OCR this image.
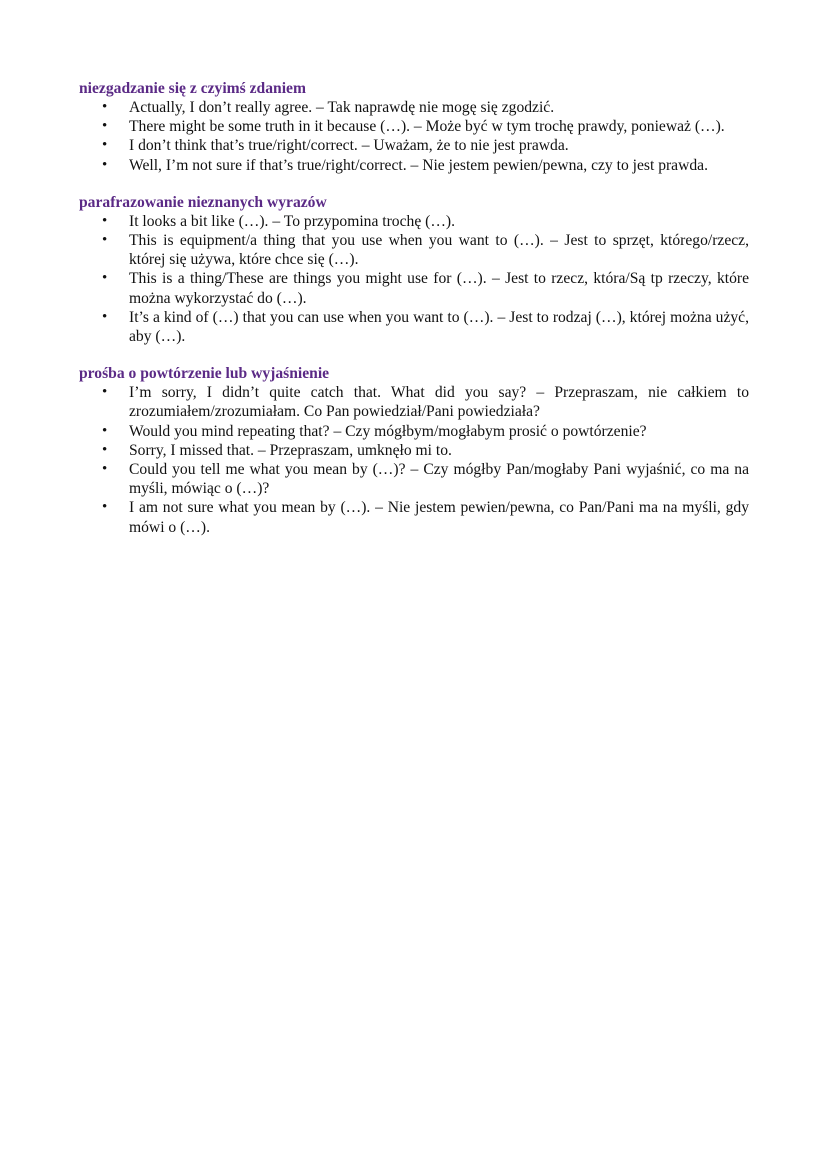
niezgadzanie się z czyimś zdaniem

• Actually, I don’t really agree. – Tak naprawdę nie mogę się zgodzić.
• There might be some truth in it because (…). – Może być w tym trochę prawdy, ponieważ (…).
• I don’t think that’s true/right/correct. – Uważam, że to nie jest prawda.
• Well, I’m not sure if that’s true/right/correct. – Nie jestem pewien/pewna, czy to jest prawda.

parafrazowanie nieznanych wyrazów

• It looks a bit like (…). – To przypomina trochę (…).
• This is equipment/a thing that you use when you want to (…). – Jest to sprzęt, którego/rzecz, której się używa, które chce się (…).
• This is a thing/These are things you might use for (…). – Jest to rzecz, która/Są tp rzeczy, które można wykorzystać do (…).
• It’s a kind of (…) that you can use when you want to (…). – Jest to rodzaj (…), której można użyć, aby (…).

prośba o powtórzenie lub wyjaśnienie

• I’m sorry, I didn’t quite catch that. What did you say? – Przepraszam, nie całkiem to zrozumiałem/zrozumiałam. Co Pan powiedział/Pani powiedziała?
• Would you mind repeating that? – Czy mógłbym/mogłabym prosić o powtórzenie?
• Sorry, I missed that. – Przepraszam, umknęło mi to.
• Could you tell me what you mean by (…)? – Czy mógłby Pan/mogłaby Pani wyjaśnić, co ma na myśli, mówiąc o (…)?
• I am not sure what you mean by (…). – Nie jestem pewien/pewna, co Pan/Pani ma na myśli, gdy mówi o (…).
